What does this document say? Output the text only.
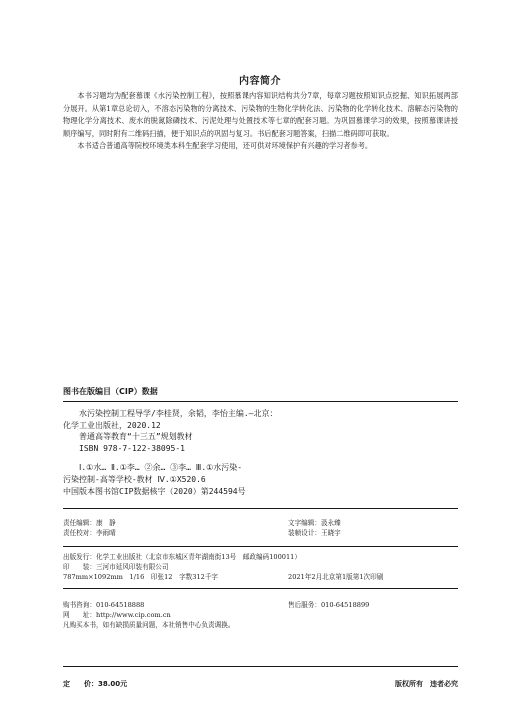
内容简介

本书习题均为配套慕课《水污染控制工程》，按照慕课内容知识结构共分7章，每章习题按照知识点挖掘、知识拓展两部分展开。从第1章总论切入，不溶态污染物的分离技术、污染物的生物化学转化法、污染物的化学转化技术、溶解态污染物的物理化学分离技术、废水的脱氮除磷技术、污泥处理与处置技术等七章的配套习题。为巩固慕课学习的效果，按照慕课讲授顺序编写，同时附有二维码扫描，便于知识点的巩固与复习。书后配套习题答案，扫描二维码即可获取。

本书适合普通高等院校环境类本科生配套学习使用，还可供对环境保护有兴趣的学习者参考。

图书在版编目（CIP）数据
水污染控制工程导学/李桂贤，余韬，李怡主编.—北京：
化学工业出版社，2020.12
普通高等教育“十三五”规划教材
ISBN 978-7-122-38095-1
Ⅰ.①水… Ⅱ.①李… ②余… ③李… Ⅲ.①水污染-
污染控制-高等学校-教材 Ⅳ.①X520.6
中国版本图书馆CIP数据核字（2020）第244594号
责任编辑：康　静	文字编辑：汲永臻
责任校对：李雨晴	装帧设计：王晓宇
出版发行：化学工业出版社（北京市东城区青年湖南街13号　邮政编码100011）
印　　装：三河市延风印装有限公司
787mm×1092mm　1/16　印张12　字数312千字	2021年2月北京第1版第1次印刷
购书咨询：010-64518888	售后服务：010-64518899
网　　址：http://www.cip.com.cn
凡购买本书，如有缺损质量问题，本社销售中心负责调换。
定　　价：38.00元	版权所有　违者必究
